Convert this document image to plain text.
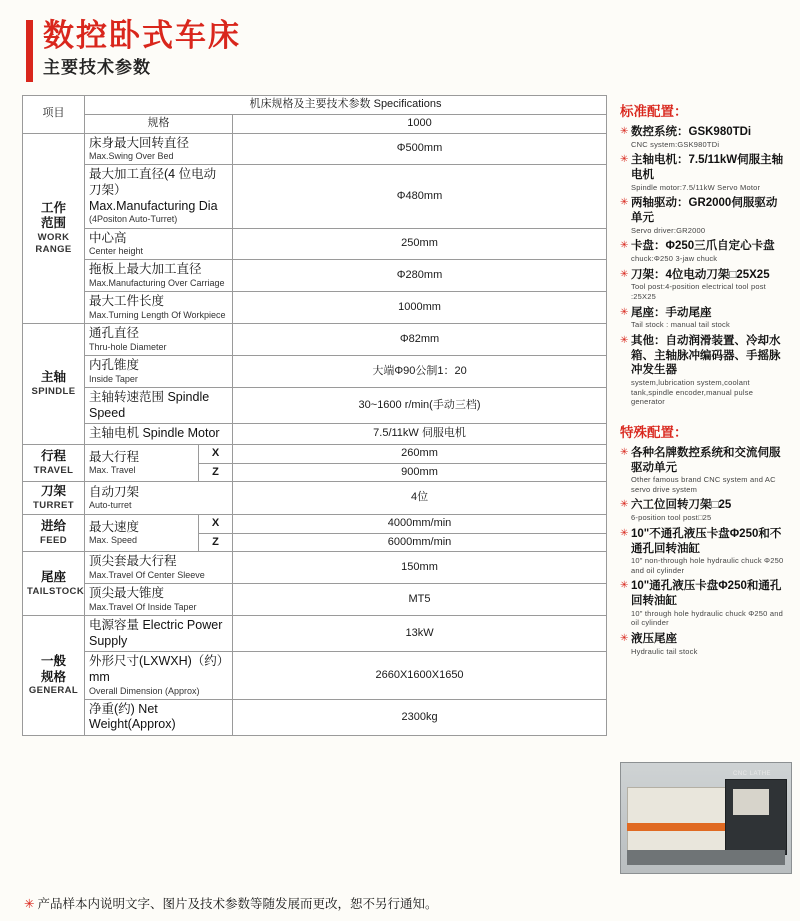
数控卧式车床
主要技术参数
项目	机床规格及主要技术参数 Specifications		
	规格		1000

工作
范围
WORK
RANGE	床身最大回转直径
Max.Swing Over Bed		Φ500mm

	最大加工直径(4 位电动
刀架）Max.Manufacturing Dia
(4Positon Auto-Turret)		Φ480mm

	中心高
Center height		250mm

	拖板上最大加工直径
Max.Manufacturing Over Carriage		Φ280mm

	最大工件长度
Max.Turning Length Of Workpiece		1000mm

主轴
SPINDLE	通孔直径
Thru-hole Diameter		Φ82mm

	内孔锥度
Inside Taper		大端Φ90公制1：20

	主轴转速范围 Spindle Speed		30~1600 r/min(手动三档)

	主轴电机 Spindle Motor		7.5/11kW 伺服电机

行程
TRAVEL	最大行程
Max. Travel	X	260mm
		Z	900mm

刀架
TURRET	自动刀架
Auto-turret		4位

进给
FEED	最大速度
Max. Speed	X	4000mm/min
		Z	6000mm/min

尾座
TAILSTOCK	顶尖套最大行程
Max.Travel Of Center Sleeve		150mm

	顶尖最大锥度
Max.Travel Of Inside Taper		MT5

一般
规格
GENERAL	电源容量 Electric Power Supply		13kW

	外形尺寸(LXWXH)（约）mm
Overall Dimension (Approx)		2660X1600X1650

	净重(约) Net Weight(Approx)		2300kg
标准配置：
✳ 数控系统：GSK980TDi
CNC system:GSK980TDi
✳ 主轴电机：7.5/11kW伺服主轴电机
Spindle motor:7.5/11kW Servo Motor
✳ 两轴驱动：GR2000伺服驱动单元
Servo driver:GR2000
✳ 卡盘：Φ250三爪自定心卡盘
chuck:Φ250 3-jaw chuck
✳ 刀架：4位电动刀架□25X25
Tool post:4-position electrical tool post :25X25
✳ 尾座：手动尾座
Tail stock : manual tail stock
✳ 其他：自动润滑装置、冷却水箱、主轴脉冲编码器、手摇脉冲发生器
system,lubrication system,coolant tank,spindle encoder,manual pulse generator
特殊配置：
✳ 各种名牌数控系统和交流伺服驱动单元
Other famous brand CNC system and AC servo drive system
✳ 六工位回转刀架□25
6-position tool post□25
✳ 10"不通孔液压卡盘Φ250和不通孔回转油缸
10" non-through hole hydraulic chuck Φ250 and oil cylinder
✳ 10"通孔液压卡盘Φ250和通孔回转油缸
10" through hole hydraulic chuck Φ250 and oil cylinder
✳ 液压尾座
Hydraulic tail stock
CNC LATHE
✳ 产品样本内说明文字、图片及技术参数等随发展而更改，恕不另行通知。
